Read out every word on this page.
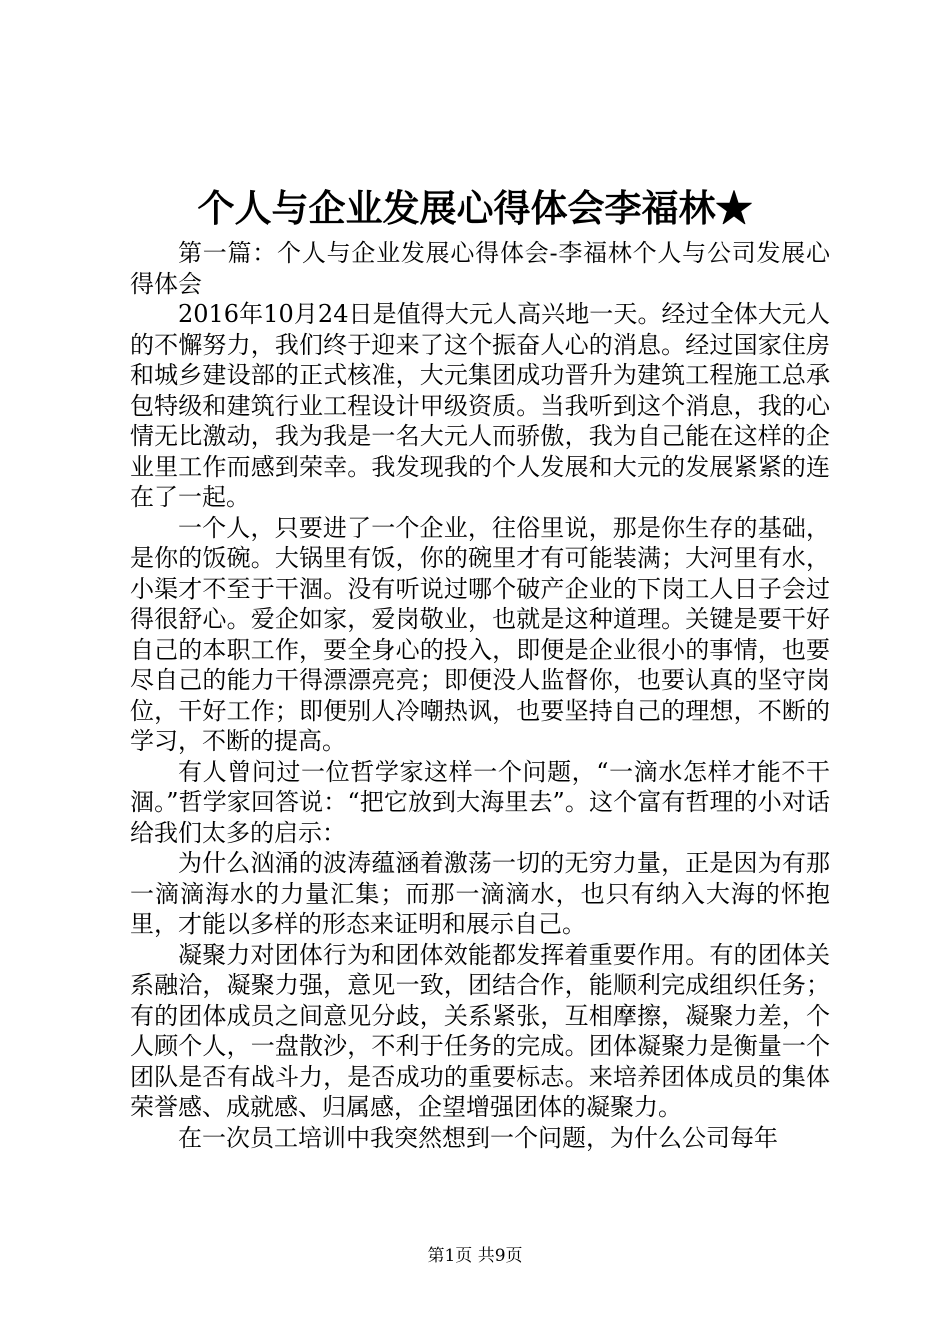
个人与企业发展心得体会李福林★

第一篇：个人与企业发展心得体会-李福林个人与公司发展心得体会

2016年10月24日是值得大元人高兴地一天。经过全体大元人的不懈努力，我们终于迎来了这个振奋人心的消息。经过国家住房和城乡建设部的正式核准，大元集团成功晋升为建筑工程施工总承包特级和建筑行业工程设计甲级资质。当我听到这个消息，我的心情无比激动，我为我是一名大元人而骄傲，我为自己能在这样的企业里工作而感到荣幸。我发现我的个人发展和大元的发展紧紧的连在了一起。

一个人，只要进了一个企业，往俗里说，那是你生存的基础，是你的饭碗。大锅里有饭，你的碗里才有可能装满；大河里有水，小渠才不至于干涸。没有听说过哪个破产企业的下岗工人日子会过得很舒心。爱企如家，爱岗敬业，也就是这种道理。关键是要干好自己的本职工作，要全身心的投入，即便是企业很小的事情，也要尽自己的能力干得漂漂亮亮；即便没人监督你，也要认真的坚守岗位，干好工作；即便别人冷嘲热讽，也要坚持自己的理想，不断的学习，不断的提高。

有人曾问过一位哲学家这样一个问题，“一滴水怎样才能不干涸。”哲学家回答说：“把它放到大海里去”。这个富有哲理的小对话给我们太多的启示：

为什么汹涌的波涛蕴涵着激荡一切的无穷力量，正是因为有那一滴滴海水的力量汇集；而那一滴滴水，也只有纳入大海的怀抱里，才能以多样的形态来证明和展示自己。

凝聚力对团体行为和团体效能都发挥着重要作用。有的团体关系融洽，凝聚力强，意见一致，团结合作，能顺利完成组织任务；有的团体成员之间意见分歧，关系紧张，互相摩擦，凝聚力差，个人顾个人，一盘散沙，不利于任务的完成。团体凝聚力是衡量一个团队是否有战斗力，是否成功的重要标志。来培养团体成员的集体荣誉感、成就感、归属感，企望增强团体的凝聚力。

在一次员工培训中我突然想到一个问题，为什么公司每年

第1页 共9页
